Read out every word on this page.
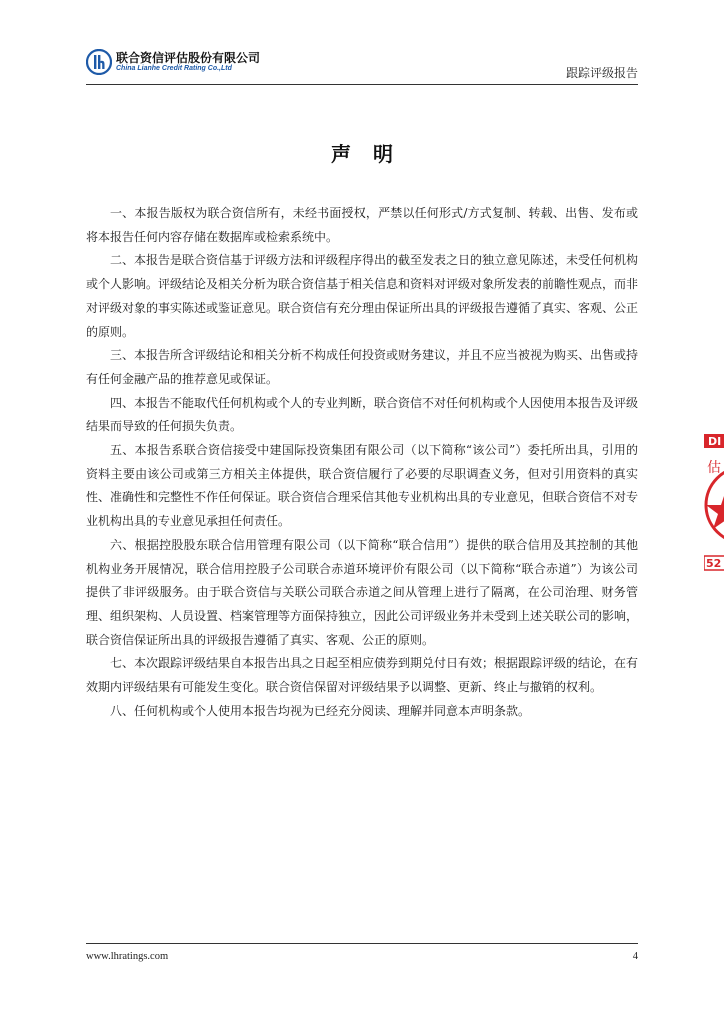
联合资信评估股份有限公司
China Lianhe Credit Rating Co.,Ltd	跟踪评级报告
声明

一、本报告版权为联合资信所有，未经书面授权，严禁以任何形式/方式复制、转载、出售、发布或将本报告任何内容存储在数据库或检索系统中。

二、本报告是联合资信基于评级方法和评级程序得出的截至发表之日的独立意见陈述，未受任何机构或个人影响。评级结论及相关分析为联合资信基于相关信息和资料对评级对象所发表的前瞻性观点，而非对评级对象的事实陈述或鉴证意见。联合资信有充分理由保证所出具的评级报告遵循了真实、客观、公正的原则。

三、本报告所含评级结论和相关分析不构成任何投资或财务建议，并且不应当被视为购买、出售或持有任何金融产品的推荐意见或保证。

四、本报告不能取代任何机构或个人的专业判断，联合资信不对任何机构或个人因使用本报告及评级结果而导致的任何损失负责。

五、本报告系联合资信接受中建国际投资集团有限公司（以下简称“该公司”）委托所出具，引用的资料主要由该公司或第三方相关主体提供，联合资信履行了必要的尽职调查义务，但对引用资料的真实性、准确性和完整性不作任何保证。联合资信合理采信其他专业机构出具的专业意见，但联合资信不对专业机构出具的专业意见承担任何责任。

六、根据控股股东联合信用管理有限公司（以下简称“联合信用”）提供的联合信用及其控制的其他机构业务开展情况，联合信用控股子公司联合赤道环境评价有限公司（以下简称“联合赤道”）为该公司提供了非评级服务。由于联合资信与关联公司联合赤道之间从管理上进行了隔离，在公司治理、财务管理、组织架构、人员设置、档案管理等方面保持独立，因此公司评级业务并未受到上述关联公司的影响，联合资信保证所出具的评级报告遵循了真实、客观、公正的原则。

七、本次跟踪评级结果自本报告出具之日起至相应债券到期兑付日有效；根据跟踪评级的结论，在有效期内评级结果有可能发生变化。联合资信保留对评级结果予以调整、更新、终止与撤销的权利。

八、任何机构或个人使用本报告均视为已经充分阅读、理解并同意本声明条款。

DI
估
52
www.lhratings.com	4
